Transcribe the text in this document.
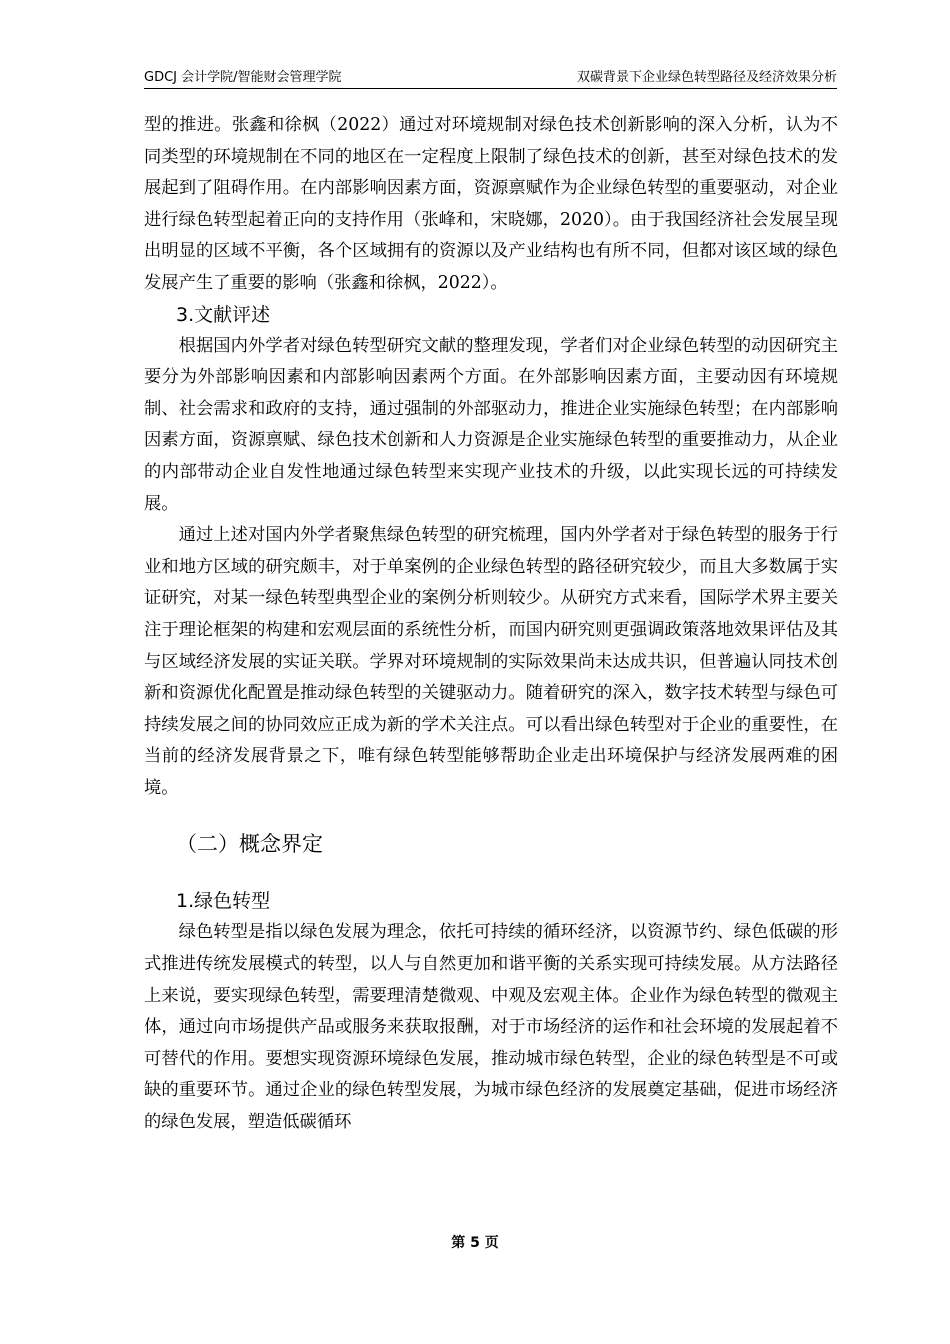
GDCJ 会计学院/智能财会管理学院	双碳背景下企业绿色转型路径及经济效果分析

型的推进。张鑫和徐枫（2022）通过对环境规制对绿色技术创新影响的深入分析，认为不同类型的环境规制在不同的地区在一定程度上限制了绿色技术的创新，甚至对绿色技术的发展起到了阻碍作用。在内部影响因素方面，资源禀赋作为企业绿色转型的重要驱动，对企业进行绿色转型起着正向的支持作用（张峰和，宋晓娜，2020）。由于我国经济社会发展呈现出明显的区域不平衡，各个区域拥有的资源以及产业结构也有所不同，但都对该区域的绿色发展产生了重要的影响（张鑫和徐枫，2022）。

3.文献评述

根据国内外学者对绿色转型研究文献的整理发现，学者们对企业绿色转型的动因研究主要分为外部影响因素和内部影响因素两个方面。在外部影响因素方面，主要动因有环境规制、社会需求和政府的支持，通过强制的外部驱动力，推进企业实施绿色转型；在内部影响因素方面，资源禀赋、绿色技术创新和人力资源是企业实施绿色转型的重要推动力，从企业的内部带动企业自发性地通过绿色转型来实现产业技术的升级，以此实现长远的可持续发展。

通过上述对国内外学者聚焦绿色转型的研究梳理，国内外学者对于绿色转型的服务于行业和地方区域的研究颇丰，对于单案例的企业绿色转型的路径研究较少，而且大多数属于实证研究，对某一绿色转型典型企业的案例分析则较少。从研究方式来看，国际学术界主要关注于理论框架的构建和宏观层面的系统性分析，而国内研究则更强调政策落地效果评估及其与区域经济发展的实证关联。学界对环境规制的实际效果尚未达成共识，但普遍认同技术创新和资源优化配置是推动绿色转型的关键驱动力。随着研究的深入，数字技术转型与绿色可持续发展之间的协同效应正成为新的学术关注点。可以看出绿色转型对于企业的重要性，在当前的经济发展背景之下，唯有绿色转型能够帮助企业走出环境保护与经济发展两难的困境。

（二）概念界定
1.绿色转型

绿色转型是指以绿色发展为理念，依托可持续的循环经济，以资源节约、绿色低碳的形式推进传统发展模式的转型，以人与自然更加和谐平衡的关系实现可持续发展。从方法路径上来说，要实现绿色转型，需要理清楚微观、中观及宏观主体。企业作为绿色转型的微观主体，通过向市场提供产品或服务来获取报酬，对于市场经济的运作和社会环境的发展起着不可替代的作用。要想实现资源环境绿色发展，推动城市绿色转型，企业的绿色转型是不可或缺的重要环节。通过企业的绿色转型发展，为城市绿色经济的发展奠定基础，促进市场经济的绿色发展，塑造低碳循环

第 5 页
